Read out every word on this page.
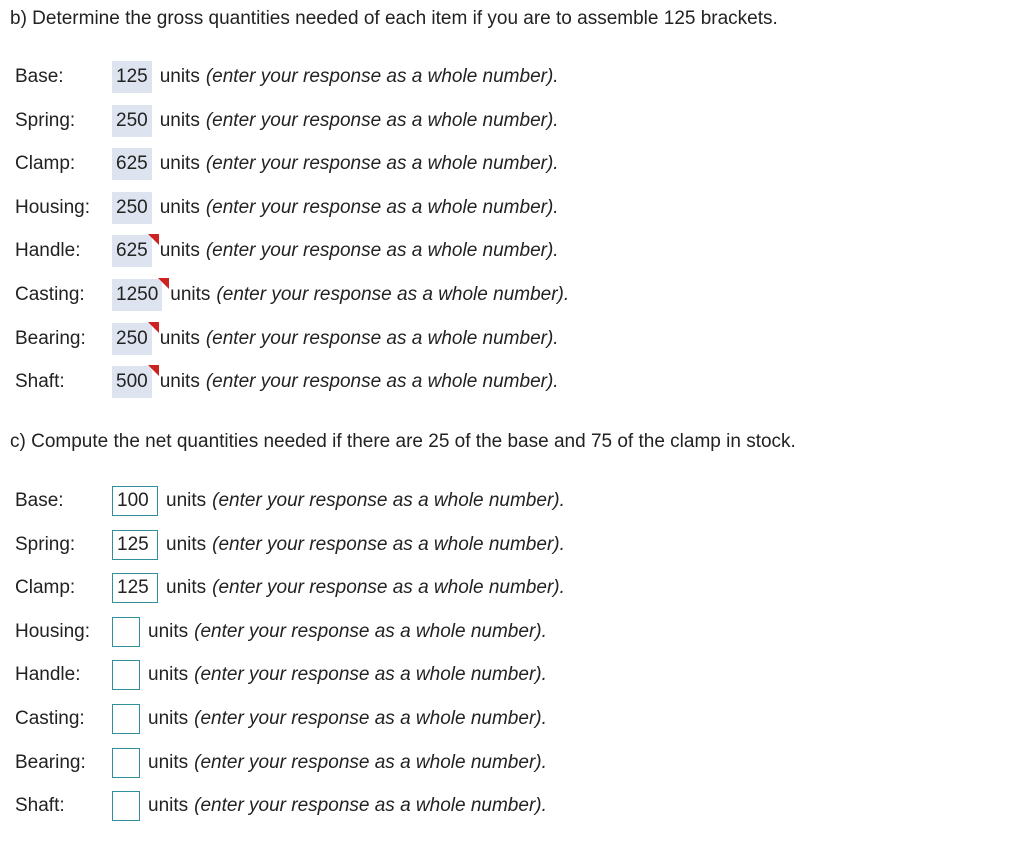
b) Determine the gross quantities needed of each item if you are to assemble 125 brackets.
Base:	125 units (enter your response as a whole number).
Spring:	250 units (enter your response as a whole number).
Clamp:	625 units (enter your response as a whole number).
Housing:	250 units (enter your response as a whole number).
Handle:	625 units (enter your response as a whole number).
Casting:	1250 units (enter your response as a whole number).
Bearing:	250 units (enter your response as a whole number).
Shaft:	500 units (enter your response as a whole number).
c) Compute the net quantities needed if there are 25 of the base and 75 of the clamp in stock.
Base:
100	units (enter your response as a whole number).
Spring:
125	units (enter your response as a whole number).
Clamp:
125	units (enter your response as a whole number).
Housing:	units (enter your response as a whole number).
Handle:	units (enter your response as a whole number).
Casting:	units (enter your response as a whole number).
Bearing:	units (enter your response as a whole number).
Shaft:	units (enter your response as a whole number).
